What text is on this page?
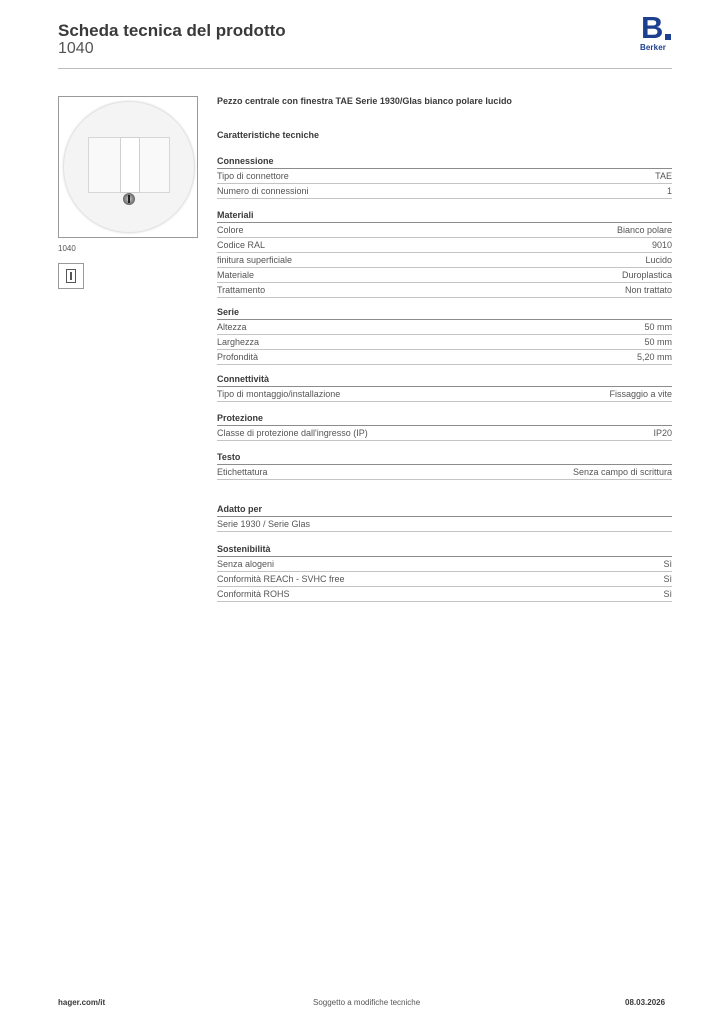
Scheda tecnica del prodotto
1040
B
Berker
1040
Pezzo centrale con finestra TAE Serie 1930/Glas bianco polare lucido
Caratteristiche tecniche
Connessione
Tipo di connettore	TAE
Numero di connessioni	1
Materiali
Colore	Bianco polare
Codice RAL	9010
finitura superficiale	Lucido
Materiale	Duroplastica
Trattamento	Non trattato
Serie
Altezza	50 mm
Larghezza	50 mm
Profondità	5,20 mm
Connettività
Tipo di montaggio/installazione	Fissaggio a vite
Protezione
Classe di protezione dall'ingresso (IP)	IP20
Testo
Etichettatura	Senza campo di scrittura
Adatto per
Serie 1930 / Serie Glas
Sostenibilità
Senza alogeni	Sì
Conformità REACh - SVHC free	Sì
Conformità ROHS	Sì
hager.com/it	Soggetto a modifiche tecniche	08.03.2026
